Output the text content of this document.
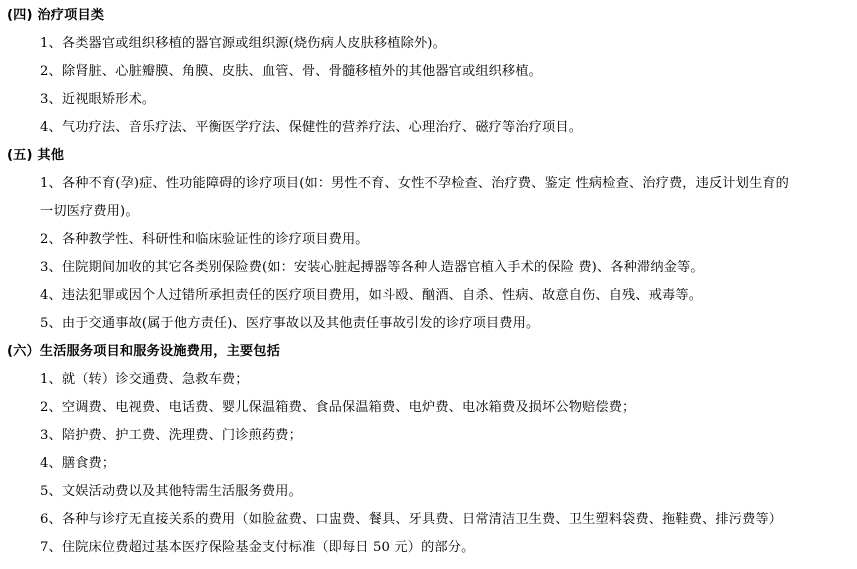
(四) 治疗项目类
1、各类器官或组织移植的器官源或组织源(烧伤病人皮肤移植除外)。
2、除肾脏、心脏瓣膜、角膜、皮肤、血管、骨、骨髓移植外的其他器官或组织移植。
3、近视眼矫形术。
4、气功疗法、音乐疗法、平衡医学疗法、保健性的营养疗法、心理治疗、磁疗等治疗项目。
(五) 其他
1、各种不育(孕)症、性功能障碍的诊疗项目(如：男性不育、女性不孕检查、治疗费、鉴定 性病检查、治疗费，违反计划生育的
一切医疗费用)。
2、各种教学性、科研性和临床验证性的诊疗项目费用。
3、住院期间加收的其它各类别保险费(如：安装心脏起搏器等各种人造器官植入手术的保险 费)、各种滞纳金等。
4、违法犯罪或因个人过错所承担责任的医疗项目费用，如斗殴、酗酒、自杀、性病、故意自伤、自残、戒毒等。
5、由于交通事故(属于他方责任)、医疗事故以及其他责任事故引发的诊疗项目费用。
(六）生活服务项目和服务设施费用，主要包括
1、就（转）诊交通费、急救车费；
2、空调费、电视费、电话费、婴儿保温箱费、食品保温箱费、电炉费、电冰箱费及损坏公物赔偿费；
3、陪护费、护工费、洗理费、门诊煎药费；
4、膳食费；
5、文娱活动费以及其他特需生活服务费用。
6、各种与诊疗无直接关系的费用（如脸盆费、口盅费、餐具、牙具费、日常清洁卫生费、卫生塑料袋费、拖鞋费、排污费等）
7、住院床位费超过基本医疗保险基金支付标准（即每日 50 元）的部分。
